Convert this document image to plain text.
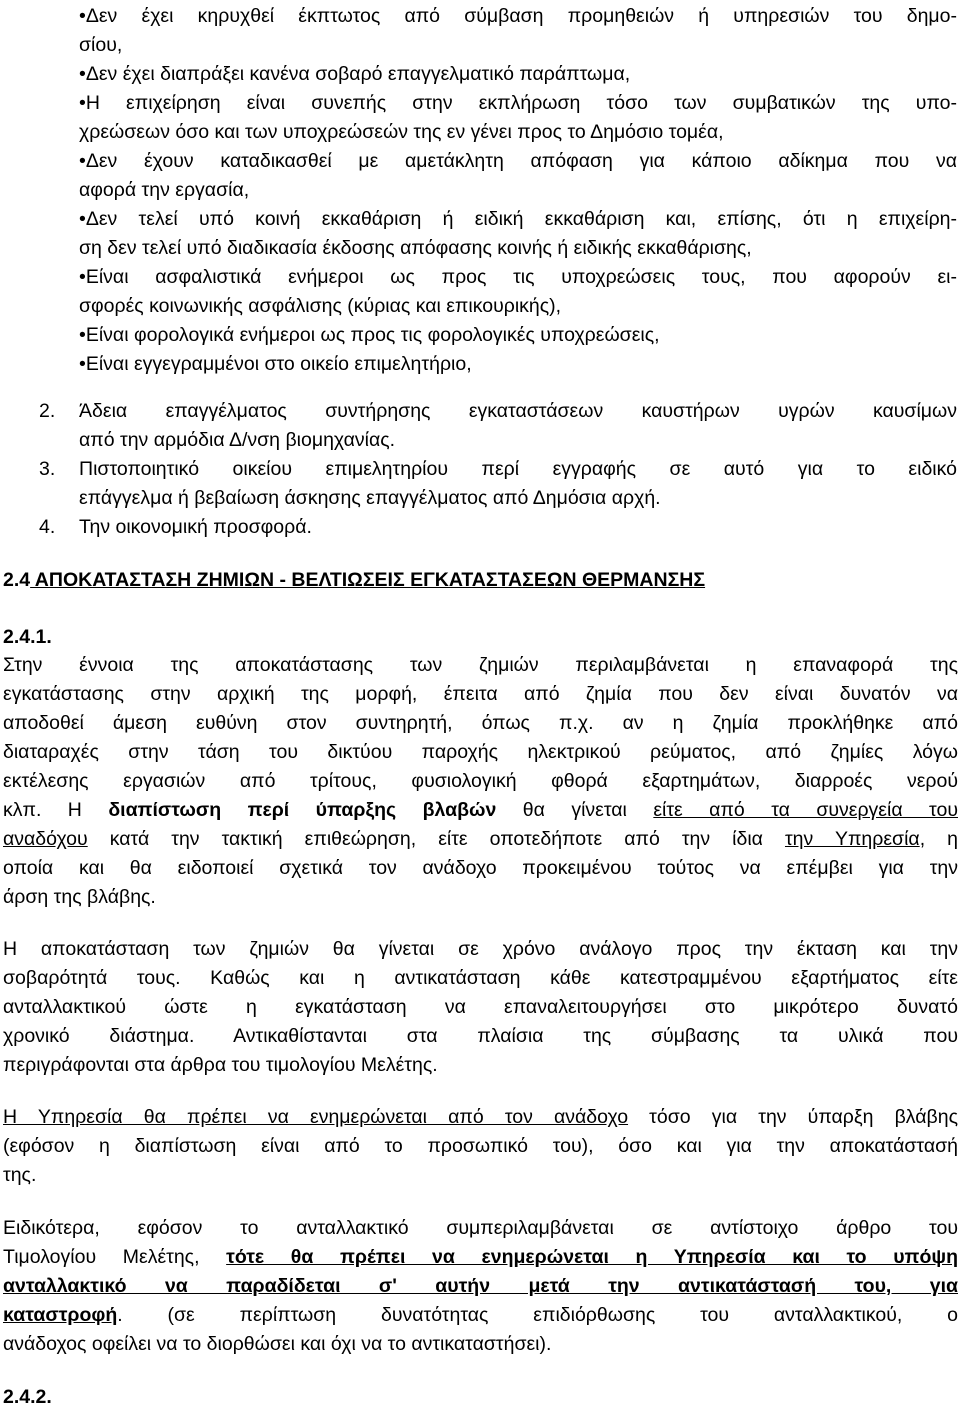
•Δεν έχει κηρυχθεί έκπτωτος από σύμβαση προμηθειών ή υπηρεσιών του δημο-
σίου,
•Δεν έχει διαπράξει κανένα σοβαρό επαγγελματικό παράπτωμα,
•Η επιχείρηση είναι συνεπής στην εκπλήρωση τόσο των συμβατικών της υπο-
χρεώσεων όσο και των υποχρεώσεών της εν γένει προς το Δημόσιο τομέα,
•Δεν έχουν καταδικασθεί με αμετάκλητη απόφαση για κάποιο αδίκημα που να
αφορά την εργασία,
•Δεν τελεί υπό κοινή εκκαθάριση ή ειδική εκκαθάριση και, επίσης, ότι η επιχείρη-
ση δεν τελεί υπό διαδικασία έκδοσης απόφασης κοινής ή ειδικής εκκαθάρισης,
•Είναι ασφαλιστικά ενήμεροι ως προς τις υποχρεώσεις τους, που αφορούν ει-
σφορές κοινωνικής ασφάλισης (κύριας και επικουρικής),
•Είναι φορολογικά ενήμεροι ως προς τις φορολογικές υποχρεώσεις,
•Είναι εγγεγραμμένοι στο οικείο επιμελητήριο,
2. Άδεια επαγγέλματος συντήρησης εγκαταστάσεων καυστήρων υγρών καυσίμων
από την αρμόδια Δ/νση βιομηχανίας.
3. Πιστοποιητικό οικείου επιμελητηρίου περί εγγραφής σε αυτό για το ειδικό
επάγγελμα ή βεβαίωση άσκησης επαγγέλματος από Δημόσια αρχή.
4. Την οικονομική προσφορά.
2.4 ΑΠΟΚΑΤΑΣΤΑΣΗ ΖΗΜΙΩΝ - ΒΕΛΤΙΩΣΕΙΣ ΕΓΚΑΤΑΣΤΑΣΕΩΝ ΘΕΡΜΑΝΣΗΣ
2.4.1.
Στην έννοια της αποκατάστασης των ζημιών περιλαμβάνεται η επαναφορά της
εγκατάστασης στην αρχική της μορφή, έπειτα από ζημία που δεν είναι δυνατόν να
αποδοθεί άμεση ευθύνη στον συντηρητή, όπως π.χ. αν η ζημία προκλήθηκε από
διαταραχές στην τάση του δικτύου παροχής ηλεκτρικού ρεύματος, από ζημίες λόγω
εκτέλεσης εργασιών από τρίτους, φυσιολογική φθορά εξαρτημάτων, διαρροές νερού
κλπ. Η διαπίστωση περί ύπαρξης βλαβών θα γίνεται είτε από τα συνεργεία του
αναδόχου κατά την τακτική επιθεώρηση, είτε οποτεδήποτε από την ίδια την Υπηρεσία, η
οποία και θα ειδοποιεί σχετικά τον ανάδοχο προκειμένου τούτος να επέμβει για την
άρση της βλάβης.
Η αποκατάσταση των ζημιών θα γίνεται σε χρόνο ανάλογο προς την έκταση και την
σοβαρότητά τους. Καθώς και η αντικατάσταση κάθε κατεστραμμένου εξαρτήματος είτε
ανταλλακτικού ώστε η εγκατάσταση να επαναλειτουργήσει στο μικρότερο δυνατό
χρονικό διάστημα. Αντικαθίστανται στα πλαίσια της σύμβασης τα υλικά που
περιγράφονται στα άρθρα του τιμολογίου Μελέτης.
Η Υπηρεσία θα πρέπει να ενημερώνεται από τον ανάδοχο τόσο για την ύπαρξη βλάβης
(εφόσον η διαπίστωση είναι από το προσωπικό του), όσο και για την αποκατάστασή
της.
Ειδικότερα, εφόσον το ανταλλακτικό συμπεριλαμβάνεται σε αντίστοιχο άρθρο του
Τιμολογίου Μελέτης, τότε θα πρέπει να ενημερώνεται η Υπηρεσία και το υπόψη
ανταλλακτικό να παραδίδεται σ' αυτήν μετά την αντικατάστασή του, για
καταστροφή. (σε περίπτωση δυνατότητας επιδιόρθωσης του ανταλλακτικού, ο
ανάδοχος οφείλει να το διορθώσει και όχι να το αντικαταστήσει).
2.4.2.
